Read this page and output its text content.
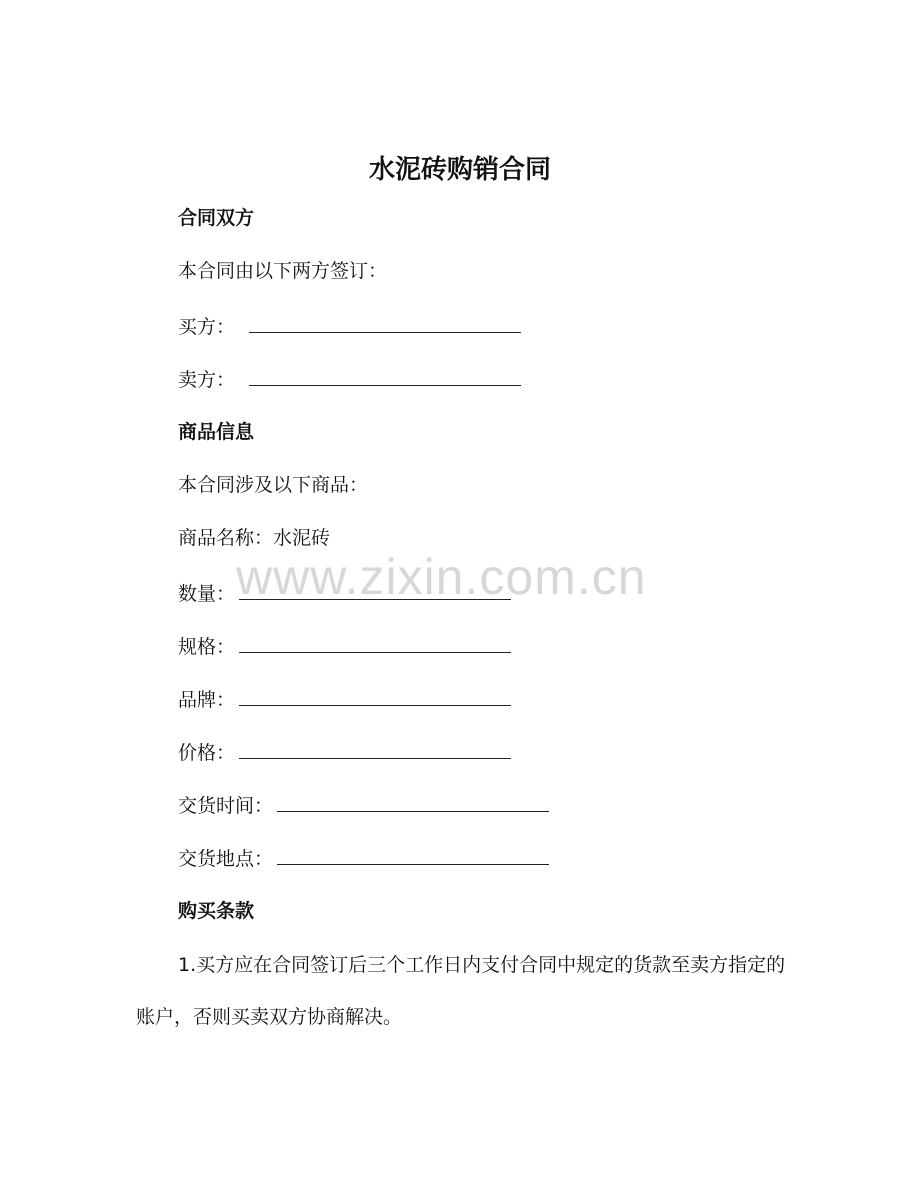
水泥砖购销合同
合同双方
本合同由以下两方签订：
买方：
卖方：
商品信息
本合同涉及以下商品：
商品名称：水泥砖
数量：
规格：
品牌：
价格：
交货时间：
交货地点：
购买条款
1.买方应在合同签订后三个工作日内支付合同中规定的货款至卖方指定的账户，否则买卖双方协商解决。
www.zixin.com.cn
